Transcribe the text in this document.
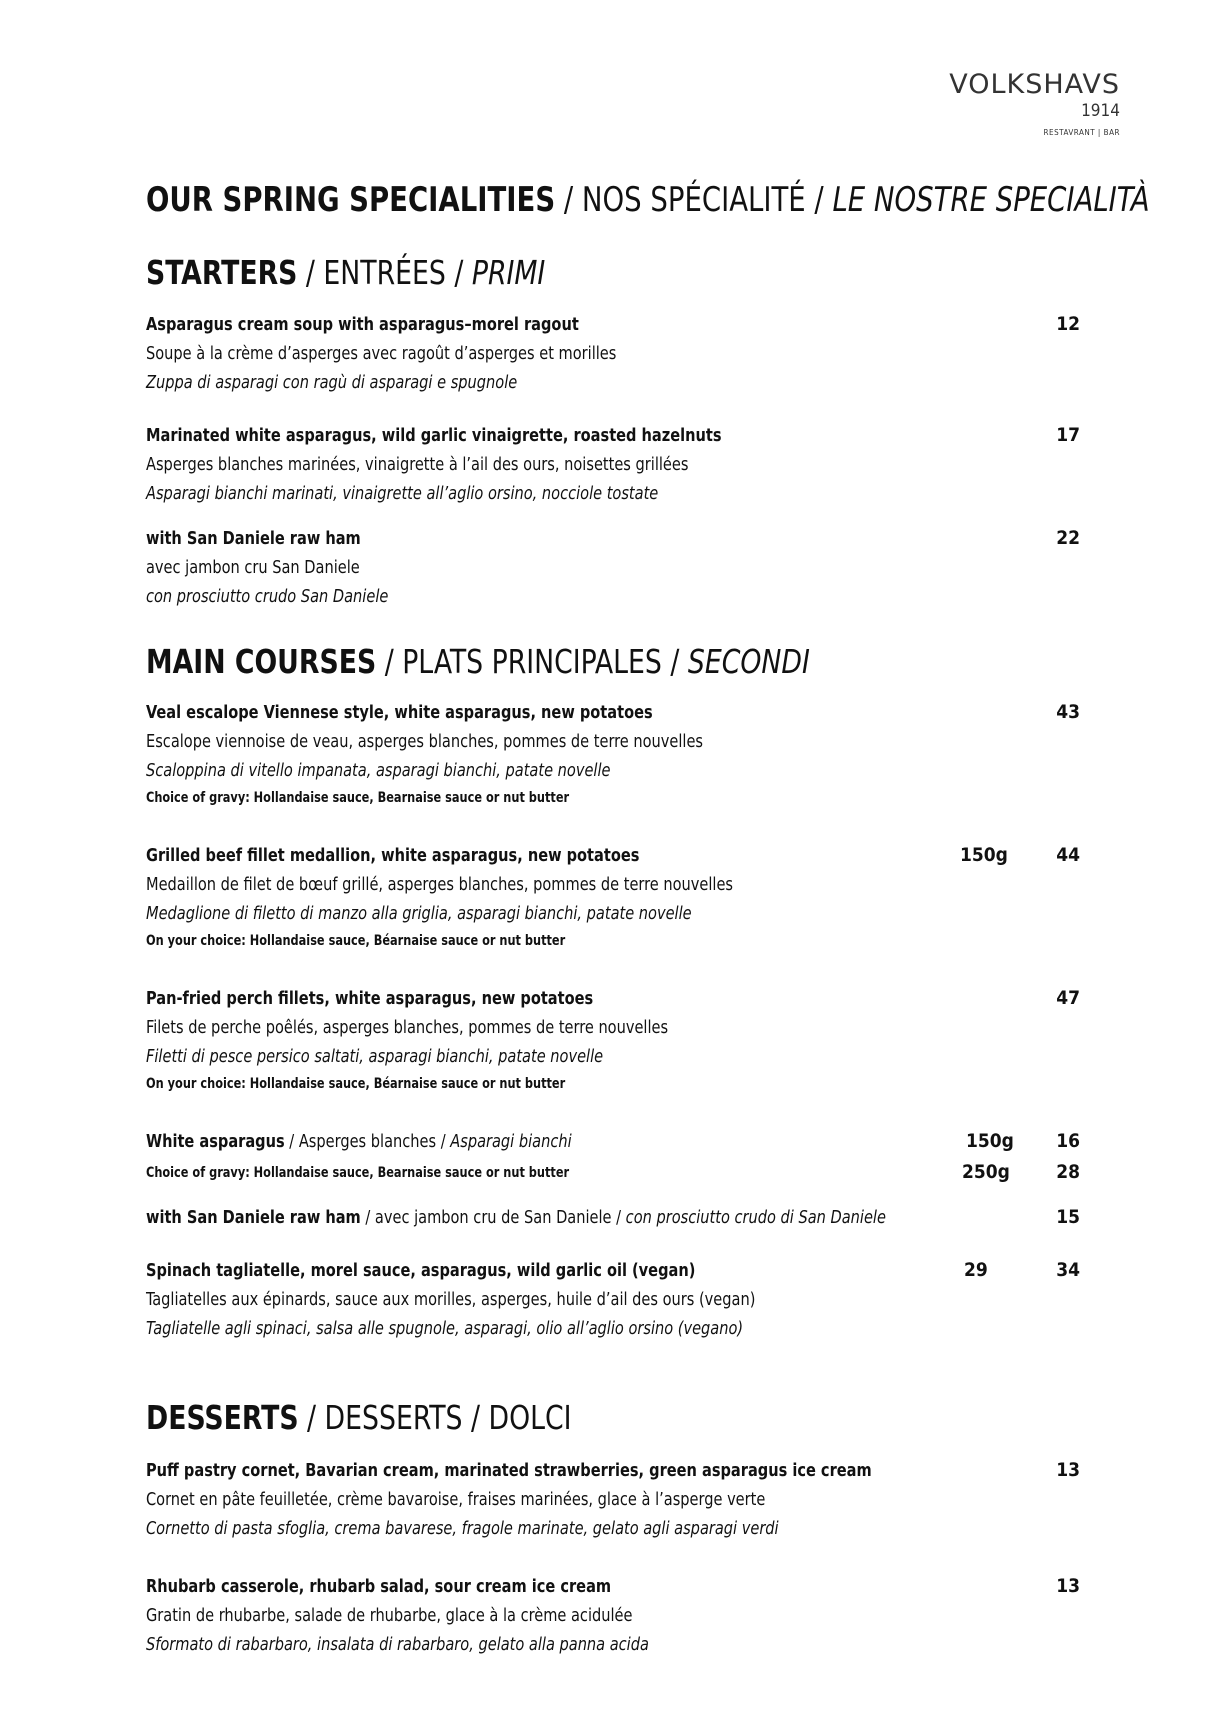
VOLKSHAVS
1914
RESTAVRANT | BAR
OUR SPRING SPECIALITIES / NOS SPÉCIALITÉ / LE NOSTRE SPECIALITÀ
STARTERS / ENTRÉES / PRIMI
Asparagus cream soup with asparagus–morel ragout	12
Soupe à la crème d’asperges avec ragoût d’asperges et morilles
Zuppa di asparagi con ragù di asparagi e spugnole
Marinated white asparagus, wild garlic vinaigrette, roasted hazelnuts	17
Asperges blanches marinées, vinaigrette à l’ail des ours, noisettes grillées
Asparagi bianchi marinati, vinaigrette all’aglio orsino, nocciole tostate
with San Daniele raw ham	22
avec jambon cru San Daniele
con prosciutto crudo San Daniele
MAIN COURSES / PLATS PRINCIPALES / SECONDI
Veal escalope Viennese style, white asparagus, new potatoes	43
Escalope viennoise de veau, asperges blanches, pommes de terre nouvelles
Scaloppina di vitello impanata, asparagi bianchi, patate novelle
Choice of gravy: Hollandaise sauce, Bearnaise sauce or nut butter
Grilled beef fillet medallion, white asparagus, new potatoes	150g	44
Medaillon de filet de bœuf grillé, asperges blanches, pommes de terre nouvelles
Medaglione di filetto di manzo alla griglia, asparagi bianchi, patate novelle
On your choice: Hollandaise sauce, Béarnaise sauce or nut butter
Pan-fried perch fillets, white asparagus, new potatoes	47
Filets de perche poêlés, asperges blanches, pommes de terre nouvelles
Filetti di pesce persico saltati, asparagi bianchi, patate novelle
On your choice: Hollandaise sauce, Béarnaise sauce or nut butter
White asparagus / Asperges blanches / Asparagi bianchi	150g 16
Choice of gravy: Hollandaise sauce, Bearnaise sauce or nut butter	250g 28
with San Daniele raw ham / avec jambon cru de San Daniele / con prosciutto crudo di San Daniele	15
Spinach tagliatelle, morel sauce, asparagus, wild garlic oil (vegan)	29	34
Tagliatelles aux épinards, sauce aux morilles, asperges, huile d’ail des ours (vegan)
Tagliatelle agli spinaci, salsa alle spugnole, asparagi, olio all’aglio orsino (vegano)
DESSERTS / DESSERTS / DOLCI
Puff pastry cornet, Bavarian cream, marinated strawberries, green asparagus ice cream	13
Cornet en pâte feuilletée, crème bavaroise, fraises marinées, glace à l’asperge verte
Cornetto di pasta sfoglia, crema bavarese, fragole marinate, gelato agli asparagi verdi
Rhubarb casserole, rhubarb salad, sour cream ice cream	13
Gratin de rhubarbe, salade de rhubarbe, glace à la crème acidulée
Sformato di rabarbaro, insalata di rabarbaro, gelato alla panna acida
